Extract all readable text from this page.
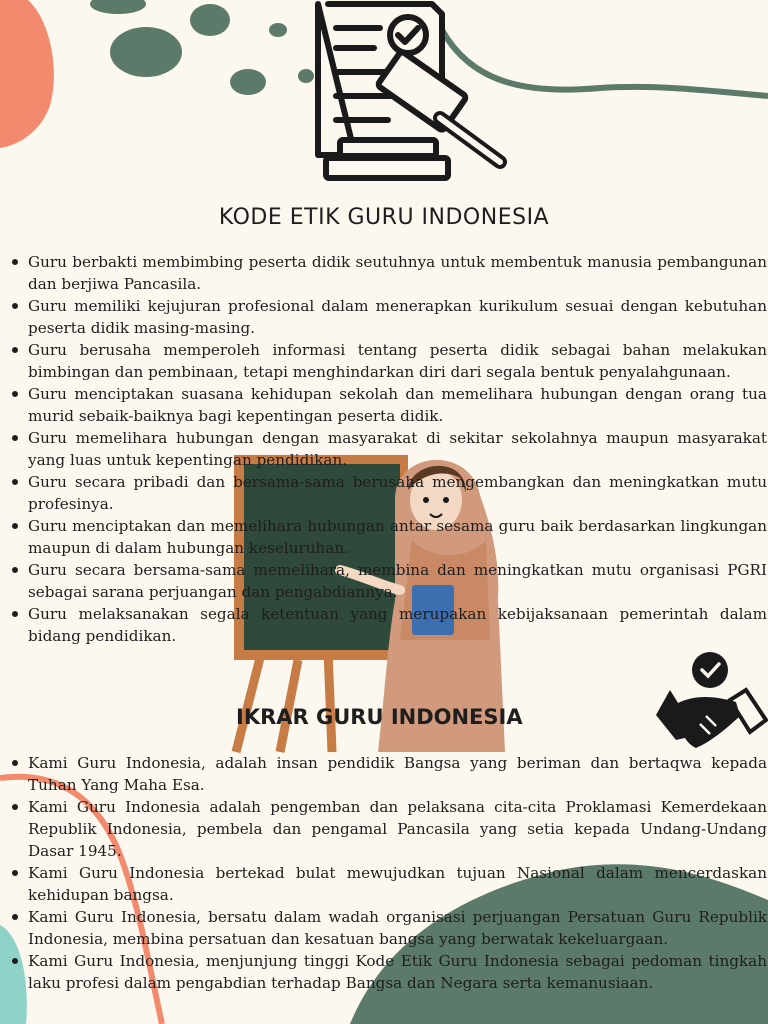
KODE ETIK GURU INDONESIA
Guru berbakti membimbing peserta didik seutuhnya untuk membentuk manusia pembangunan dan berjiwa Pancasila.
Guru memiliki kejujuran profesional dalam menerapkan kurikulum sesuai dengan kebutuhan peserta didik masing-masing.
Guru berusaha memperoleh informasi tentang peserta didik sebagai bahan melakukan bimbingan dan pembinaan, tetapi menghindarkan diri dari segala bentuk penyalahgunaan.
Guru menciptakan suasana kehidupan sekolah dan memelihara hubungan dengan orang tua murid sebaik-baiknya bagi kepentingan peserta didik.
Guru memelihara hubungan dengan masyarakat di sekitar sekolahnya maupun masyarakat yang luas untuk kepentingan pendidikan.
Guru secara pribadi dan bersama-sama berusaha mengembangkan dan meningkatkan mutu profesinya.
Guru menciptakan dan memelihara hubungan antar sesama guru baik berdasarkan lingkungan maupun di dalam hubungan keseluruhan.
Guru secara bersama-sama memelihara, membina dan meningkatkan mutu organisasi PGRI sebagai sarana perjuangan dan pengabdiannya.
Guru melaksanakan segala ketentuan yang merupakan kebijaksanaan pemerintah dalam bidang pendidikan.
IKRAR GURU INDONESIA
Kami Guru Indonesia, adalah insan pendidik Bangsa yang beriman dan bertaqwa kepada Tuhan Yang Maha Esa.
Kami Guru Indonesia adalah pengemban dan pelaksana cita-cita Proklamasi Kemerdekaan Republik Indonesia, pembela dan pengamal Pancasila yang setia kepada Undang-Undang Dasar 1945.
Kami Guru Indonesia bertekad bulat mewujudkan tujuan Nasional dalam mencerdaskan kehidupan bangsa.
Kami Guru Indonesia, bersatu dalam wadah organisasi perjuangan Persatuan Guru Republik Indonesia, membina persatuan dan kesatuan bangsa yang berwatak kekeluargaan.
Kami Guru Indonesia, menjunjung tinggi Kode Etik Guru Indonesia sebagai pedoman tingkah laku profesi dalam pengabdian terhadap Bangsa dan Negara serta kemanusiaan.
